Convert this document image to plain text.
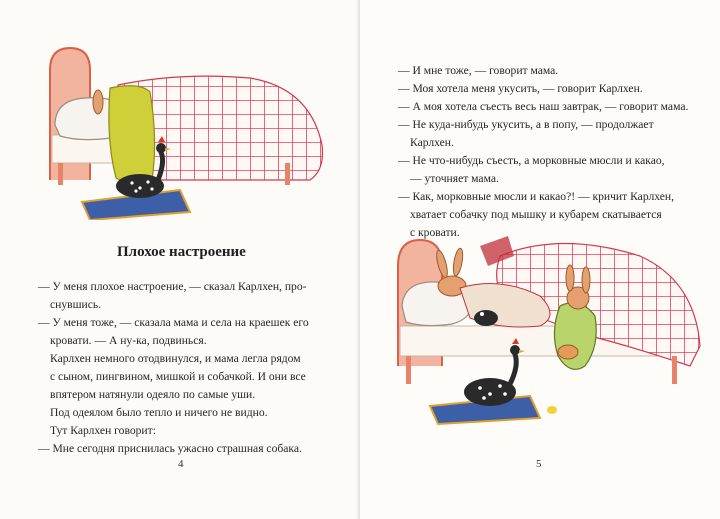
Плохое настроение
— У меня плохое настроение, — сказал Карлхен, про-
снувшись.
— У меня тоже, — сказала мама и села на краешек его
кровати. — А ну-ка, подвинься.
Карлхен немного отодвинулся, и мама легла рядом
с сыном, пингвином, мишкой и собачкой. И они все
впятером натянули одеяло по самые уши.
Под одеялом было тепло и ничего не видно.
Тут Карлхен говорит:
— Мне сегодня приснилась ужасно страшная собака.
4
— И мне тоже, — говорит мама.
— Моя хотела меня укусить, — говорит Карлхен.
— А моя хотела съесть весь наш завтрак, — говорит мама.
— Не куда-нибудь укусить, а в попу, — продолжает
Карлхен.
— Не что-нибудь съесть, а морковные мюсли и какао,
— уточняет мама.
— Как, морковные мюсли и какао?! — кричит Карлхен,
хватает собачку под мышку и кубарем скатывается
с кровати.
5
